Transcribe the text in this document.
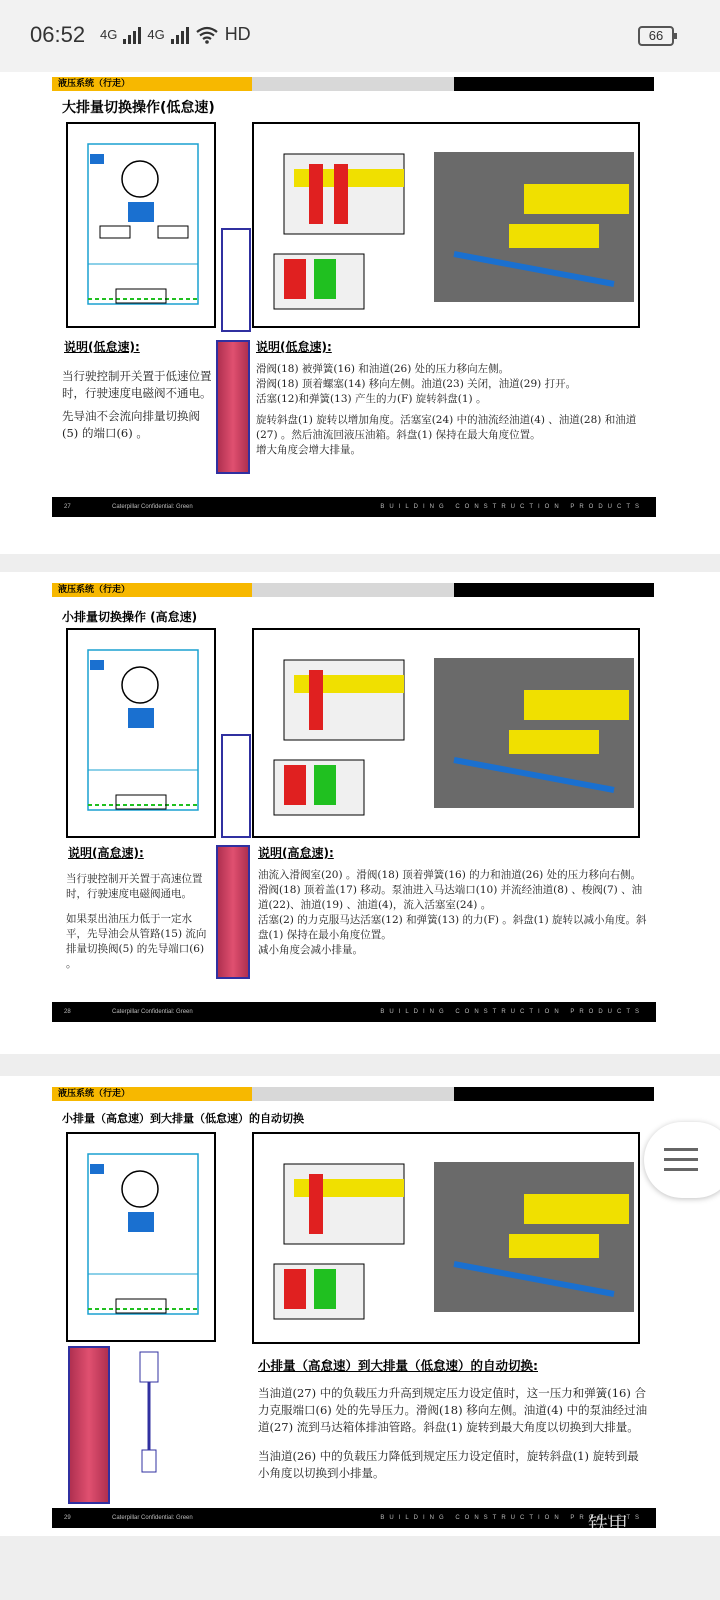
06:52 4G 4G	HD	66
液压系统（行走）
大排量切换操作(低怠速)
说明(低怠速):

当行驶控制开关置于低速位置时，行驶速度电磁阀不通电。

先导油不会流向排量切换阀(5) 的端口(6) 。

说明(低怠速):

滑阀(18) 被弹簧(16) 和油道(26) 处的压力移向左侧。

滑阀(18) 顶着螺塞(14) 移向左侧。油道(23) 关闭，油道(29) 打开。

活塞(12)和弹簧(13) 产生的力(F) 旋转斜盘(1) 。

旋转斜盘(1) 旋转以增加角度。活塞室(24) 中的油流经油道(4) 、油道(28) 和油道(27) 。然后油流回液压油箱。斜盘(1) 保持在最大角度位置。

增大角度会增大排量。

27	Caterpillar Confidential: Green	BUILDING CONSTRUCTION PRODUCTS
液压系统（行走）
小排量切换操作 (高怠速)
说明(高怠速):

当行驶控制开关置于高速位置时，行驶速度电磁阀通电。

如果泵出油压力低于一定水平，先导油会从管路(15) 流向排量切换阀(5) 的先导端口(6) 。

说明(高怠速):

油流入滑阀室(20) 。滑阀(18) 顶着弹簧(16) 的力和油道(26) 处的压力移向右侧。滑阀(18) 顶着盖(17) 移动。泵油进入马达端口(10) 并流经油道(8) 、梭阀(7) 、油道(22)、油道(19) 、油道(4)，流入活塞室(24) 。

活塞(2) 的力克服马达活塞(12) 和弹簧(13) 的力(F) 。斜盘(1) 旋转以减小角度。斜盘(1) 保持在最小角度位置。

减小角度会减小排量。

28	Caterpillar Confidential: Green	BUILDING CONSTRUCTION PRODUCTS
液压系统（行走）
小排量（高怠速）到大排量（低怠速）的自动切换
小排量（高怠速）到大排量（低怠速）的自动切换:

当油道(27) 中的负载压力升高到规定压力设定值时，这一压力和弹簧(16) 合力克服端口(6) 处的先导压力。滑阀(18) 移向左侧。油道(4) 中的泵油经过油道(27) 流到马达箱体排油管路。斜盘(1) 旋转到最大角度以切换到大排量。

当油道(26) 中的负载压力降低到规定压力设定值时，旋转斜盘(1) 旋转到最小角度以切换到小排量。

29	Caterpillar Confidential: Green	BUILDING CONSTRUCTION PRODUCTS
铁甲
